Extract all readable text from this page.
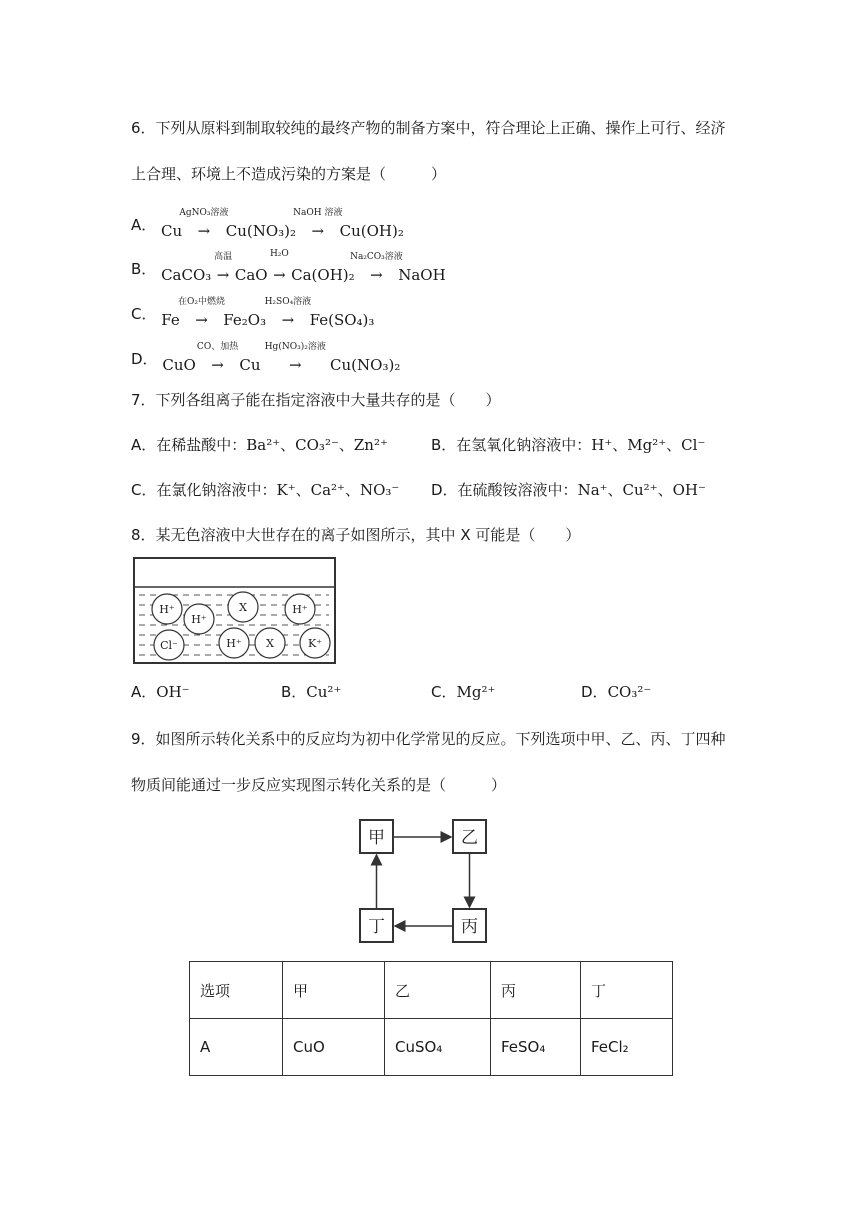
6．下列从原料到制取较纯的最终产物的制备方案中，符合理论上正确、操作上可行、经济
上合理、环境上不造成污染的方案是（　　　）
A． Cu
AgNO₃溶液
→ Cu(NO₃)₂
NaOH 溶液
→ Cu(OH)₂
B． CaCO₃
高温
→ CaO
H₂O
→ Ca(OH)₂
Na₂CO₃溶液
→ NaOH
C． Fe
在O₂中燃烧
→ Fe₂O₃
H₂SO₄溶液
→ Fe(SO₄)₃
D． CuO
CO、加热
→ Cu
Hg(NO₃)₂溶液
→ Cu(NO₃)₂
7．下列各组离子能在指定溶液中大量共存的是（　　）
A．在稀盐酸中：Ba²⁺、CO₃²⁻、Zn²⁺	B．在氢氧化钠溶液中：H⁺、Mg²⁺、Cl⁻
C．在氯化钠溶液中：K⁺、Ca²⁺、NO₃⁻ D．在硫酸铵溶液中：Na⁺、Cu²⁺、OH⁻
8．某无色溶液中大世存在的离子如图所示，其中 X 可能是（　　）
H⁺
H⁺
X	H⁺
Cl⁻	H⁺ X	K⁺
A．OH⁻	B．Cu²⁺	C．Mg²⁺	D．CO₃²⁻
9．如图所示转化关系中的反应均为初中化学常见的反应。下列选项中甲、乙、丙、丁四种
物质间能通过一步反应实现图示转化关系的是（　　　）
甲	乙
丙
丁
选项	甲	乙	丙	丁
A	CuO	CuSO₄	FeSO₄	FeCl₂
